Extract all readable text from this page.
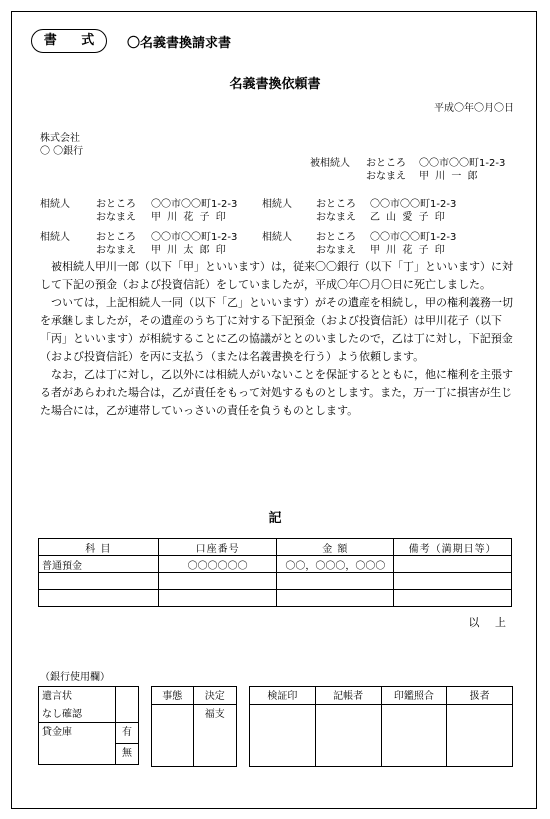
書 式 〇名義書換請求書
名義書換依頼書
平成〇年〇月〇日
株式会社
〇 〇銀行
被相続人 おところ 〇〇市〇〇町1-2-3
おなまえ 甲 川 一 郎
相続人	おところ 〇〇市〇〇町1-2-3
おなまえ 甲 川 花 子 印
相続人 おところ 〇〇市〇〇町1-2-3
おなまえ 乙 山 愛 子 印
相続人	おところ 〇〇市〇〇町1-2-3
おなまえ 甲 川 太 郎 印
相続人 おところ 〇〇市〇〇町1-2-3
おなまえ 甲 川 花 子 印

被相続人甲川一郎（以下「甲」といいます）は，従来〇〇銀行（以下「丁」といいます）に対して下記の預金（および投資信託）をしていましたが，平成〇年〇月〇日に死亡しました。

ついては，上記相続人一同（以下「乙」といいます）がその遺産を相続し，甲の権利義務一切を承継しましたが，その遺産のうち丁に対する下記預金（および投資信託）は甲川花子（以下「丙」といいます）が相続することに乙の協議がととのいましたので，乙は丁に対し，下記預金（および投資信託）を丙に支払う（または名義書換を行う）よう依頼します。

なお，乙は丁に対し，乙以外には相続人がいないことを保証するとともに，他に権利を主張する者があらわれた場合は，乙が責任をもって対処するものとします。また，万一丁に損害が生じた場合には，乙が連帯していっさいの責任を負うものとします。

記
科 目	口座番号	金 額	備考（満期日等）
普通預金	〇〇〇〇〇〇	〇〇，〇〇〇，〇〇〇	

以 上
（銀行使用欄）
遺言状	
なし確認	
貸金庫	有
	無
事態	決定
	福支
検証印	記帳者	印鑑照合	扱者
